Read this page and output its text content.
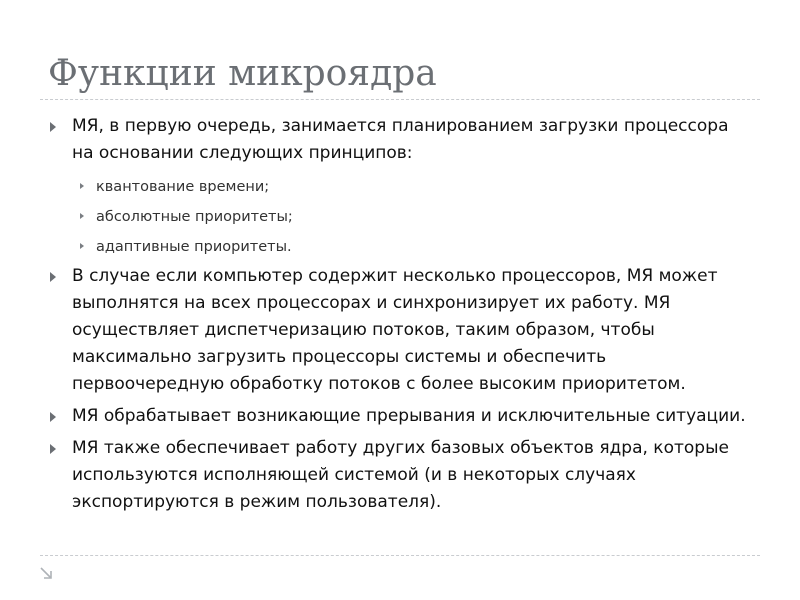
Функции микроядра
МЯ, в первую очередь, занимается планированием загрузки процессора на основании следующих принципов:
квантование времени;
абсолютные приоритеты;
адаптивные приоритеты.
В случае если компьютер содержит несколько процессоров, МЯ может выполнятся на всех процессорах и синхронизирует их работу. МЯ осуществляет диспетчеризацию потоков, таким образом, чтобы максимально загрузить процессоры системы и обеспечить первоочередную обработку потоков с более высоким приоритетом.
МЯ обрабатывает возникающие прерывания и исключительные ситуации.
МЯ также обеспечивает работу других базовых объектов ядра, которые используются исполняющей системой (и в некоторых случаях экспортируются в режим пользователя).
